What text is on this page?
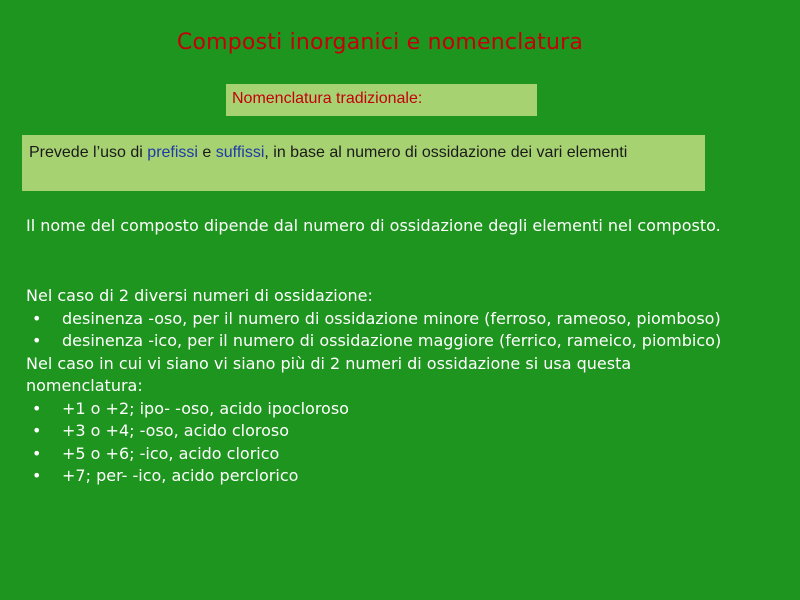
Composti inorganici e nomenclatura
Nomenclatura tradizionale:
Prevede l’uso di prefissi e suffissi, in base al numero di ossidazione dei vari elementi
Il nome del composto dipende dal numero di ossidazione degli elementi nel composto.
Nel caso di 2 diversi numeri di ossidazione:
• desinenza -oso, per il numero di ossidazione minore (ferroso, rameoso, piomboso)
• desinenza -ico, per il numero di ossidazione maggiore (ferrico, rameico, piombico)
Nel caso in cui vi siano vi siano più di 2 numeri di ossidazione si usa questa nomenclatura:
• +1 o +2; ipo- -oso, acido ipocloroso
• +3 o +4; -oso, acido cloroso
• +5 o +6; -ico, acido clorico
• +7; per- -ico, acido perclorico
